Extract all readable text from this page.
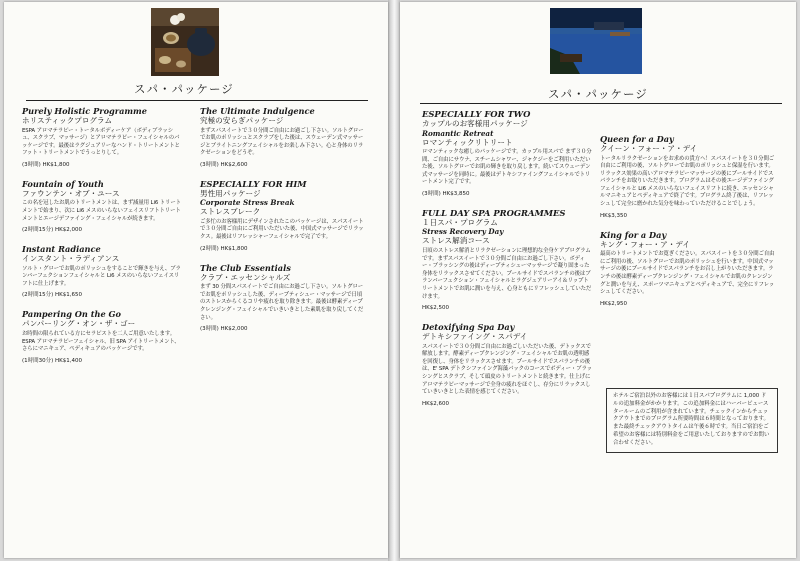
スパ・パッケージ
Purely Holistic Programme
ホリスティックプログラム
ESPA アロマテラピー・トータルボディーケア（ボディブラッシュ、スクラブ、マッサージ）とアロマテラピー・フェイシャルのパッケージです。最後はラグジュアリーなハンド・トリートメントとフット・トリートメントでうっとりして。
(3時間) HK$1,800
Fountain of Youth
ファウンテン・オブ・ユース
この名を冠したお肌のトリートメントは、まず減量用 Li6 トリートメントで始まり、次に Li6 メスのいらないフェイスリフトトリートメントとエージデファイング・フェイシャルが続きます。
(2時間15分) HK$2,000
Instant Radiance
インスタント・ラディアンス
ソルト・グローでお肌のポリッシュをすることで輝きを与え、ブランバーフェクションフェイシャルと Li6 メスのいらないフェイスリフトに仕上げます。
(2時間15分) HK$1,650
Pampering On the Go
パンパーリング・オン・ザ・ゴー
お時間の限られている方にセラピストを二人ご用意いたします。ESPA アロマテラピーフェイシャル、旧 SPA アイトリートメント、さらにマニキュア、ペディキュアのパッケージです。
(1時間30分) HK$1,400
The Ultimate Indulgence
究極の安らぎパッケージ
まずスパスイートで３０分間ご自由にお過ごし下さい。ソルトグローでお肌のポリッシュとスクラブをした後は、スウェーデン式マッサージとブライトニングフェイシャルをお楽しみ下さい。心と身体のリラクゼーションをどうぞ。
(3時間) HK$2,600
ESPECIALLY FOR HIM
男性用パッケージ
Corporate Stress Break
ストレスブレーク
ご多忙のお客様用にデザインされたこのパッケージは、スパスイートで３０分間ご自由にご利用いただいた後、中国式マッサージでリラックス。最後はリフレッシャーフェイシャルで完了です。
(2時間) HK$1,800
The Club Essentials
クラブ・エッセンシャルズ
まず 30 分間スパスイートでご自由にお過ごし下さい。ソルトグローでお肌をポリッシュした後、ディープティシュー・マッサージで日頃のストレスからくるコリや疲れを取り除きます。最後は酵素ディープクレンジング・フェイシャルでいきいきとした素肌を取り戻してください。
(3時間) HK$2,000
スパ・パッケージ
ESPECIALLY FOR TWO
カップルのお客様用パッケージ
Romantic Retreat
ロマンティックリトリート
ロマンティックな癒しのパッケージです。カップル用スパで まず３０分間、ご自由にサウナ、スチームシャワー、ジャクジーをご利用いただいた後、ソルトグローでお肌の輝きを取り戻します。続いてスウェーデン式マッサージを同時に。最後はデトキシファイングフェイシャルでトリートメント完了です。
(3時間) HK$3,850
FULL DAY SPA PROGRAMMES
１日スパ・プログラム
Stress Recovery Day
ストレス解消コース
日頃のストレス解消とリラクゼーションに理想的な全身ケアプログラムです。まずスパスイートで３０分間ご自由にお過ごし下さい。ボディー・ブラッシングの後はディープティシューマッサージで凝り固まった身体をリラックスさせてください。プールサイドでスパランチの後はブランバーフェクション・フェイシャルとラグジュアリーアイ＆リップトリートメントでお肌に潤いを与え、心身ともにリフレッシュしていただけます。
HK$2,500
Detoxifying Spa Day
デトキシファイング・スパデイ
スパスイートで３０分間ご自由にお過ごしいただいた後、デトックスで解放します。酵素ディープクレンジング・フェイシャルでお肌の透明感を回復し、身体をリラックスさせます。プールサイドでスパランチの後は、E' SPA デトクシファイング海藻パックのコースでボディー・ブラッシングとスクラブ、そして頭皮のトリートメントと続きます。仕上げにアロマテラピーマッサージで全身の疲れをほぐし、存分にリラックスしていきいきとした表情を感じてください。
HK$2,600
Queen for a Day
クイーン・フォー・ア・デイ
トータルリラクゼーションをお求めの貴方へ！スパスイートを３０分間ご自由にご利用の後、ソルトグローでお肌のポリッシュと保湿を行います。リラックス効果の高いアロマテラピーマッサージの後にプールサイドでスパランチをお取りいただきます。プログラムはその後エージデファイングフェイシャルと Li6 メスのいらないフェイスリフトに続き、エッセンシャルマニキュアとペディキュアで終了です。プログラム終了後は、リフレッシュして完全に磨かれた気分を味わっていただけることでしょう。
HK$3,350
King for a Day
キング・フォー・ア・デイ
最高のトリートメントでお寛ぎください。スパスイートを３０分間ご自由にご利用の後、ソルトグローでお肌のポリッシュを行います。中国式マッサージの後にプールサイドでスパランチをお召し上がりいただきます。ランチの後は酵素ディープクレンジング・フェイシャルでお肌のクレンジングと潤いを与え、スポーツマニキュアとペディキュアで、完全にリフレッシュしてください。
HK$2,950
ホテルご宿泊以外のお客様には１日スパプログラムに 1,000 ドルの追加料金がかかります。この追加料金にはハーバービュースタールームのご利用が含まれています。チェックインからチェックアウトまでのプログラム所要時間は６時間となっております。また最終チェックアウトタイムは午後６時です。当日ご宿泊をご希望のお客様には特別料金をご用意いたしておりますのでお問い合わせください。
